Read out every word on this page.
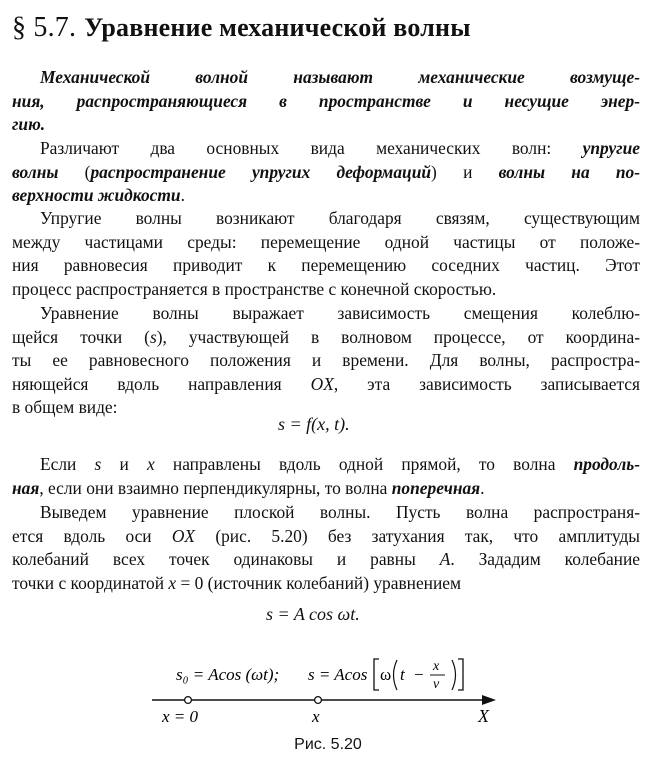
§ 5.7. Уравнение механической волны
Механической волной называют механические возмуще-
ния, распространяющиеся в пространстве и несущие энер-
гию.
Различают два основных вида механических волн: упругие
волны (распространение упругих деформаций) и волны на по-
верхности жидкости.
Упругие волны возникают благодаря связям, существующим
между частицами среды: перемещение одной частицы от положе-
ния равновесия приводит к перемещению соседних частиц. Этот
процесс распространяется в пространстве с конечной скоростью.
Уравнение волны выражает зависимость смещения колеблю-
щейся точки (s), участвующей в волновом процессе, от координа-
ты ее равновесного положения и времени. Для волны, распростра-
няющейся вдоль направления OX, эта зависимость записывается
в общем виде:
s = f(x, t).
Если s и x направлены вдоль одной прямой, то волна продоль-
ная, если они взаимно перпендикулярны, то волна поперечная.
Выведем уравнение плоской волны. Пусть волна распространя-
ется вдоль оси OX (рис. 5.20) без затухания так, что амплитуды
колебаний всех точек одинаковы и равны A. Зададим колебание
точки с координатой x = 0 (источник колебаний) уравнением
s = A cos ωt.
s₀ = Acos (ωt); s = Acos ω t − x
v
x = 0	x	X
Рис. 5.20
